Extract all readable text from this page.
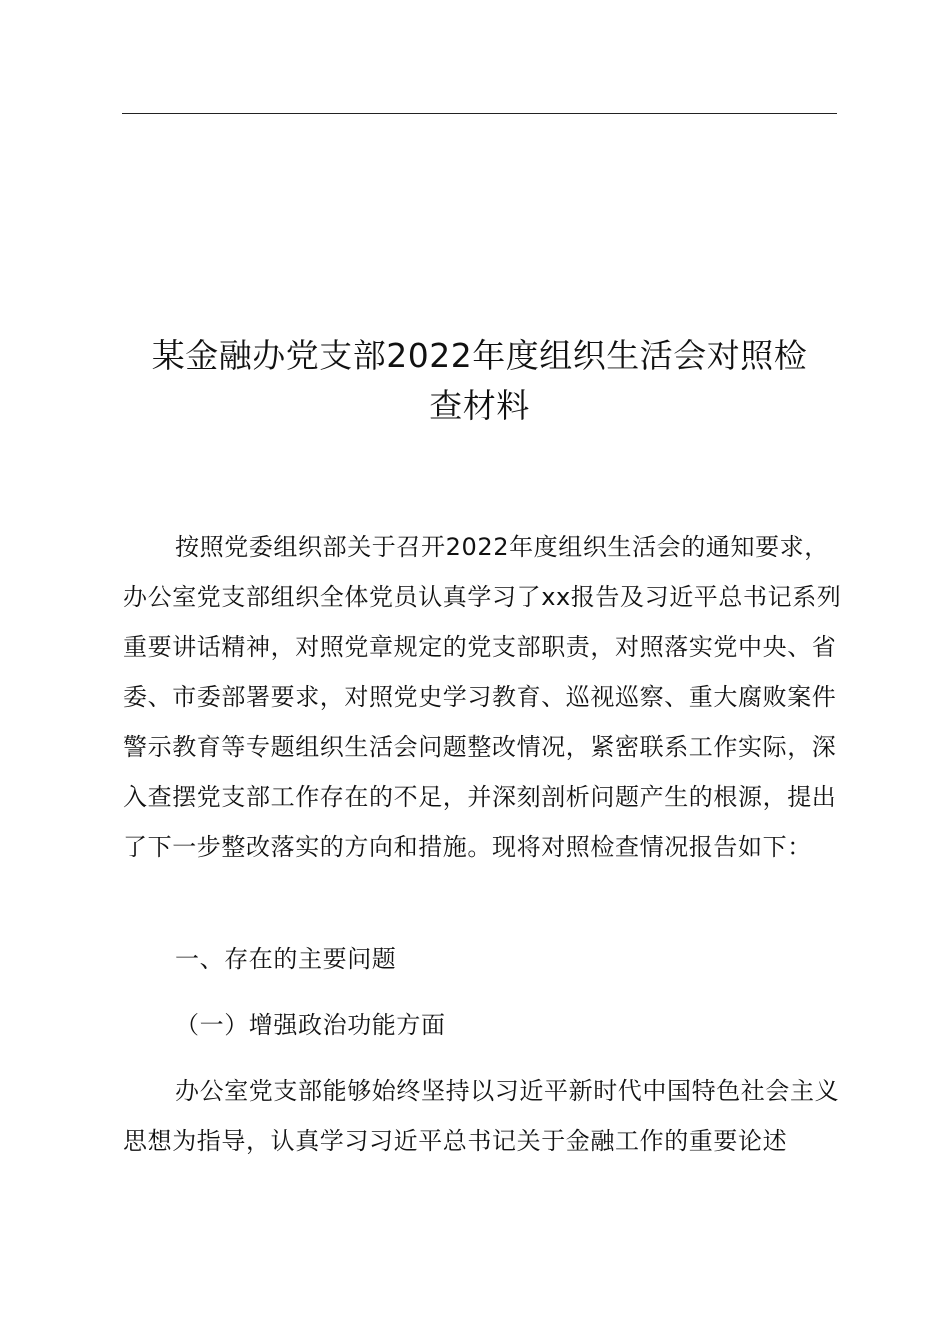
某金融办党支部2022年度组织生活会对照检
查材料

按照党委组织部关于召开2022年度组织生活会的通知要求，办公室党支部组织全体党员认真学习了xx报告及习近平总书记系列重要讲话精神，对照党章规定的党支部职责，对照落实党中央、省委、市委部署要求，对照党史学习教育、巡视巡察、重大腐败案件警示教育等专题组织生活会问题整改情况，紧密联系工作实际，深入查摆党支部工作存在的不足，并深刻剖析问题产生的根源，提出了下一步整改落实的方向和措施。现将对照检查情况报告如下：

一、存在的主要问题

（一）增强政治功能方面

办公室党支部能够始终坚持以习近平新时代中国特色社会主义思想为指导，认真学习习近平总书记关于金融工作的重要论述
